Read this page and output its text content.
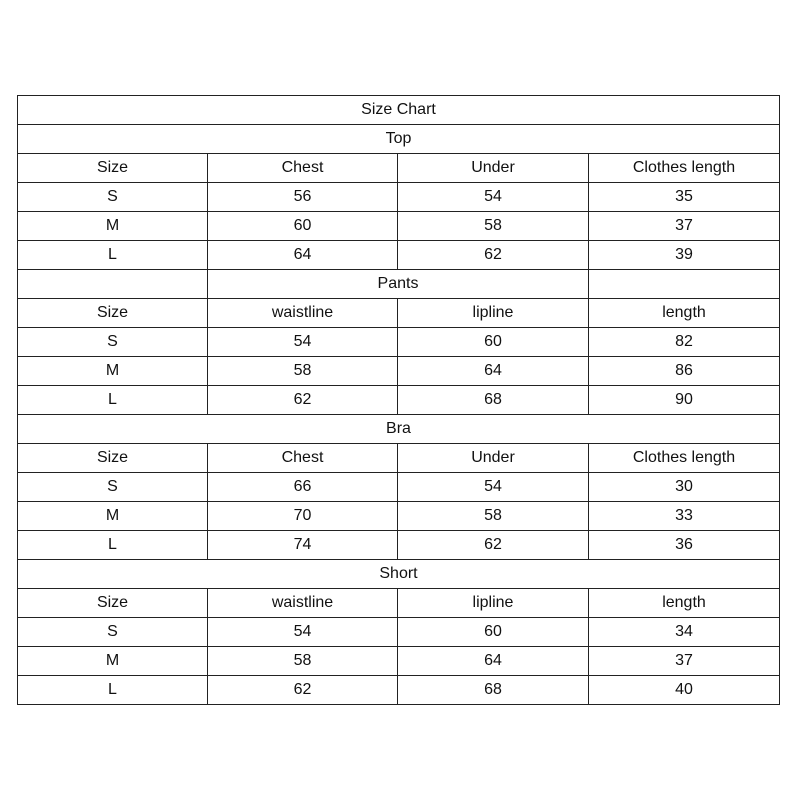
Size Chart			
Top			
Size	Chest	Under	Clothes length
S	56	54	35
M	60	58	37
L	64	62	39
	Pants		
Size	waistline	lipline	length
S	54	60	82
M	58	64	86
L	62	68	90
Bra			
Size	Chest	Under	Clothes length
S	66	54	30
M	70	58	33
L	74	62	36
Short			
Size	waistline	lipline	length
S	54	60	34
M	58	64	37
L	62	68	40
